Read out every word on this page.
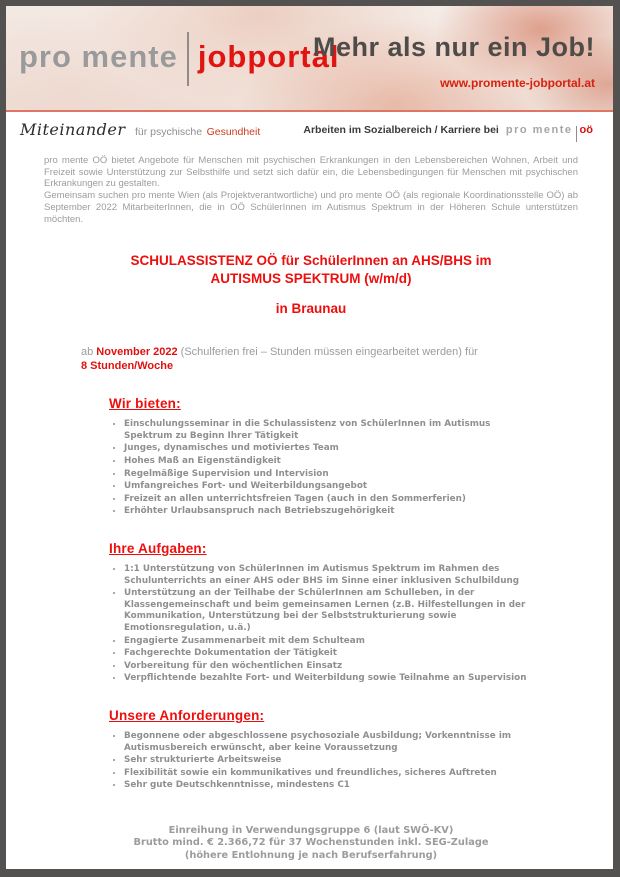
pro mente jobportal
Mehr als nur ein Job!
www.promente-jobportal.at
Miteinander für psychische Gesundheit	Arbeiten im Sozialbereich / Karriere bei pro mente oö

pro mente OÖ bietet Angebote für Menschen mit psychischen Erkrankungen in den Lebensbereichen Wohnen, Arbeit und Freizeit sowie Unterstützung zur Selbsthilfe und setzt sich dafür ein, die Lebensbedingungen für Menschen mit psychischen Erkrankungen zu gestalten.

Gemeinsam suchen pro mente Wien (als Projektverantwortliche) und pro mente OÖ (als regionale Koordinationsstelle OÖ) ab September 2022 MitarbeiterInnen, die in OÖ SchülerInnen im Autismus Spektrum in der Höheren Schule unterstützen möchten.

SCHULASSISTENZ OÖ für SchülerInnen an AHS/BHS im
AUTISMUS SPEKTRUM (w/m/d)
in Braunau
ab November 2022 (Schulferien frei – Stunden müssen eingearbeitet werden) für
8 Stunden/Woche
Wir bieten:
• Einschulungsseminar in die Schulassistenz von SchülerInnen im Autismus Spektrum zu Beginn Ihrer Tätigkeit
• Junges, dynamisches und motiviertes Team
• Hohes Maß an Eigenständigkeit
• Regelmäßige Supervision und Intervision
• Umfangreiches Fort- und Weiterbildungsangebot
• Freizeit an allen unterrichtsfreien Tagen (auch in den Sommerferien)
• Erhöhter Urlaubsanspruch nach Betriebszugehörigkeit
Ihre Aufgaben:
• 1:1 Unterstützung von SchülerInnen im Autismus Spektrum im Rahmen des Schulunterrichts an einer AHS oder BHS im Sinne einer inklusiven Schulbildung
• Unterstützung an der Teilhabe der SchülerInnen am Schulleben, in der Klassengemeinschaft und beim gemeinsamen Lernen (z.B. Hilfestellungen in der Kommunikation, Unterstützung bei der Selbststrukturierung sowie Emotionsregulation, u.ä.)
• Engagierte Zusammenarbeit mit dem Schulteam
• Fachgerechte Dokumentation der Tätigkeit
• Vorbereitung für den wöchentlichen Einsatz
• Verpflichtende bezahlte Fort- und Weiterbildung sowie Teilnahme an Supervision
Unsere Anforderungen:
• Begonnene oder abgeschlossene psychosoziale Ausbildung; Vorkenntnisse im Autismusbereich erwünscht, aber keine Voraussetzung
• Sehr strukturierte Arbeitsweise
• Flexibilität sowie ein kommunikatives und freundliches, sicheres Auftreten
• Sehr gute Deutschkenntnisse, mindestens C1
Einreihung in Verwendungsgruppe 6 (laut SWÖ-KV)
Brutto mind. € 2.366,72 für 37 Wochenstunden inkl. SEG-Zulage
(höhere Entlohnung je nach Berufserfahrung)
